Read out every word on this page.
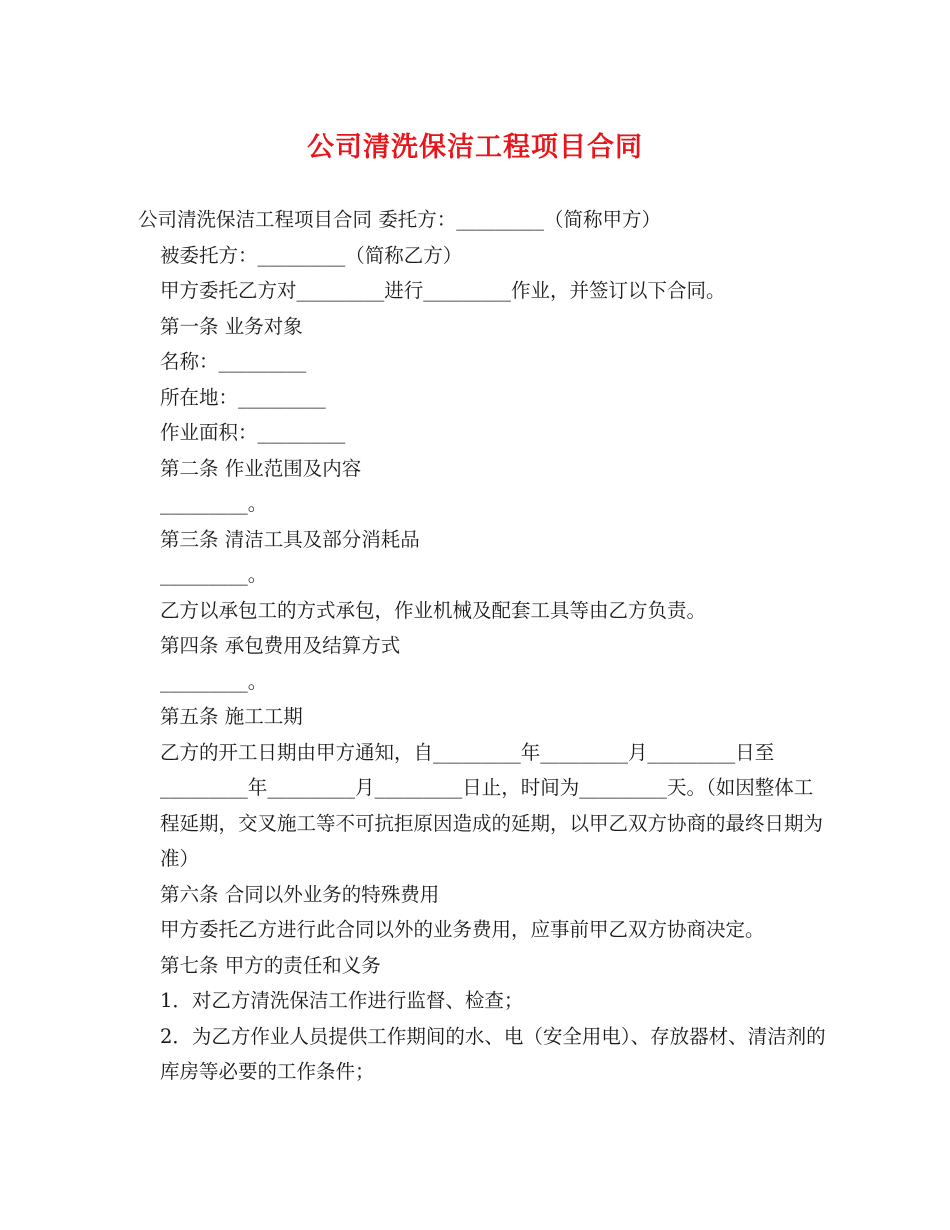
公司清洗保洁工程项目合同
公司清洗保洁工程项目合同 委托方：_________（简称甲方）
被委托方：_________（简称乙方）
甲方委托乙方对_________进行_________作业，并签订以下合同。
第一条 业务对象
名称：_________
所在地：_________
作业面积：_________
第二条 作业范围及内容
_________。
第三条 清洁工具及部分消耗品
_________。
乙方以承包工的方式承包，作业机械及配套工具等由乙方负责。
第四条 承包费用及结算方式
_________。
第五条 施工工期
乙方的开工日期由甲方通知，自_________年_________月_________日至_________年_________月_________日止，时间为_________天。（如因整体工程延期，交叉施工等不可抗拒原因造成的延期，以甲乙双方协商的最终日期为准）
第六条 合同以外业务的特殊费用
甲方委托乙方进行此合同以外的业务费用，应事前甲乙双方协商决定。
第七条 甲方的责任和义务
1．对乙方清洗保洁工作进行监督、检查；
2．为乙方作业人员提供工作期间的水、电（安全用电）、存放器材、清洁剂的库房等必要的工作条件；
